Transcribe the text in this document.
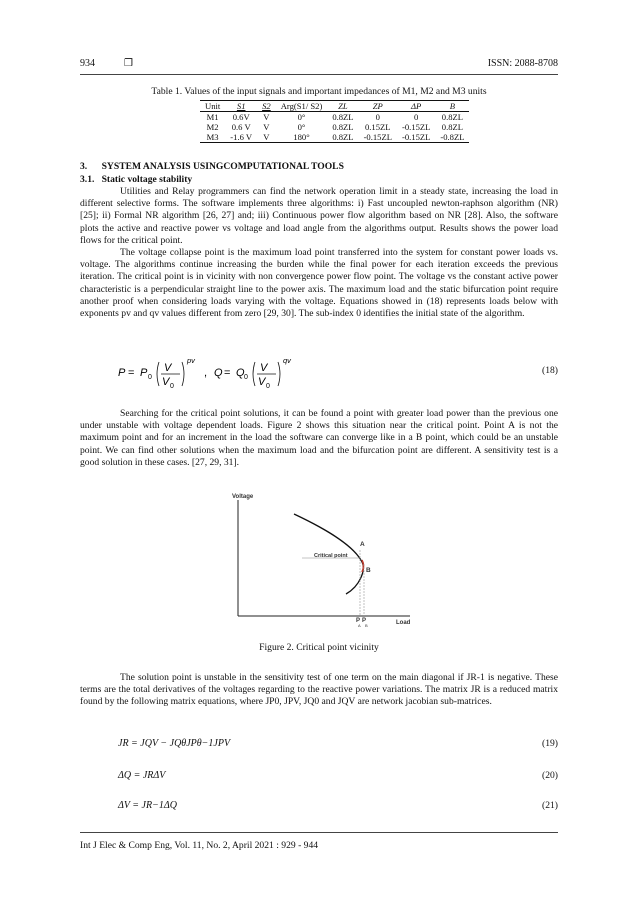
934	❒	ISSN: 2088-8708
Table 1. Values of the input signals and important impedances of M1, M2 and M3 units
Unit	S1	S2	Arg(S1/ S2)	ZL	ZP	ΔP	B
M1	0.6V	V	0°	0.8ZL	0	0	0.8ZL
M2	0.6 V	V	0°	0.8ZL	0.15ZL	-0.15ZL	0.8ZL
M3	-1.6 V	V	180°	0.8ZL	-0.15ZL	-0.15ZL	-0.8ZL
3. SYSTEM ANALYSIS USINGCOMPUTATIONAL TOOLS
3.1. Static voltage stability

Utilities and Relay programmers can find the network operation limit in a steady state, increasing the load in different selective forms. The software implements three algorithms: i) Fast uncoupled newton-raphson algorithm (NR) [25]; ii) Formal NR algorithm [26, 27] and; iii) Continuous power flow algorithm based on NR [28]. Also, the software plots the active and reactive power vs voltage and load angle from the algorithms output. Results shows the power load flows for the critical point.

The voltage collapse point is the maximum load point transferred into the system for constant power loads vs. voltage. The algorithms continue increasing the burden while the final power for each iteration exceeds the previous iteration. The critical point is in vicinity with non convergence power flow point. The voltage vs the constant active power characteristic is a perpendicular straight line to the power axis. The maximum load and the static bifurcation point require another proof when considering loads varying with the voltage. Equations showed in (18) represents loads below with exponents pv and qv values different from zero [29, 30]. The sub-index 0 identifies the initial state of the algorithm.

P = P 0
V
V 0
pv
, Q = Q 0
V
V 0
qv
(18)

Searching for the critical point solutions, it can be found a point with greater load power than the previous one under unstable with voltage dependent loads. Figure 2 shows this situation near the critical point. Point A is not the maximum point and for an increment in the load the software can converge like in a B point, which could be an unstable point. We can find other solutions when the maximum load and the bifurcation point are different. A sensitivity test is a good solution in these cases. [27, 29, 31].

Voltage
Critical point
A
B
P
A
P
B	Load
Figure 2. Critical point vicinity

The solution point is unstable in the sensitivity test of one term on the main diagonal if JR-1 is negative. These terms are the total derivatives of the voltages regarding to the reactive power variations. The matrix JR is a reduced matrix found by the following matrix equations, where JP0, JPV, JQ0 and JQV are network jacobian sub-matrices.

JR = JQV − JQθJPθ−1JPV	(19)
ΔQ = JRΔV	(20)
ΔV = JR−1ΔQ	(21)
Int J Elec & Comp Eng, Vol. 11, No. 2, April 2021 : 929 - 944
